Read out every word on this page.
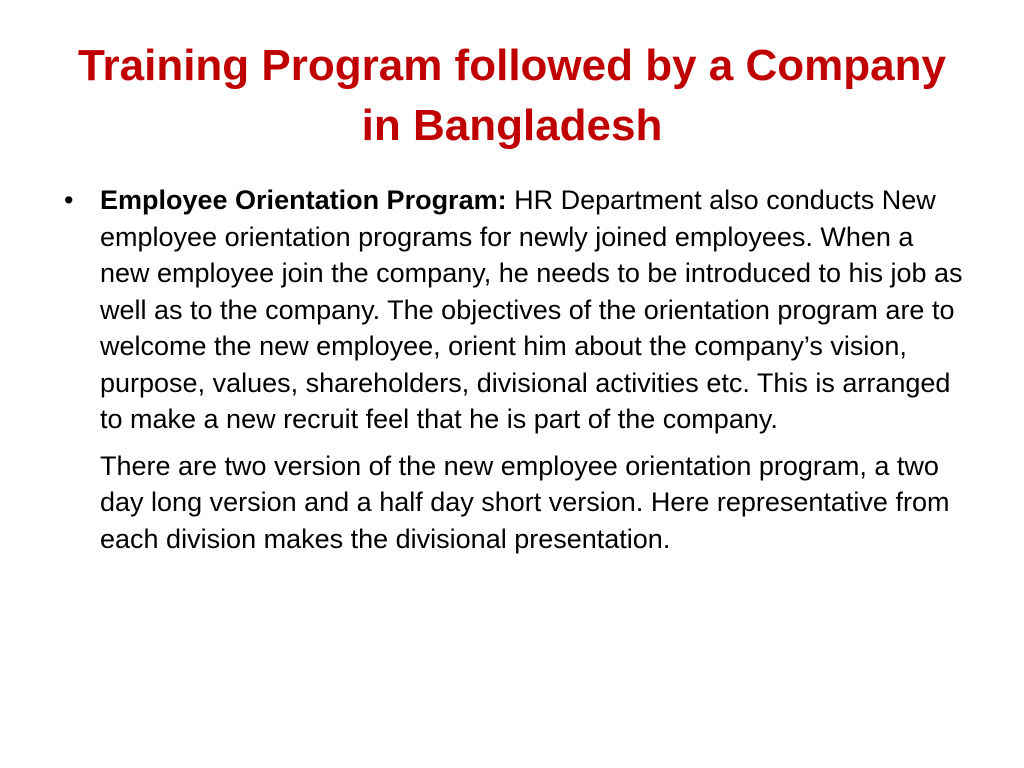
Training Program followed by a Company in Bangladesh
• Employee Orientation Program: HR Department also conducts New employee orientation programs for newly joined employees. When a new employee join the company, he needs to be introduced to his job as well as to the company. The objectives of the orientation program are to welcome the new employee, orient him about the company’s vision, purpose, values, shareholders, divisional activities etc. This is arranged to make a new recruit feel that he is part of the company.
There are two version of the new employee orientation program, a two day long version and a half day short version. Here representative from each division makes the divisional presentation.
